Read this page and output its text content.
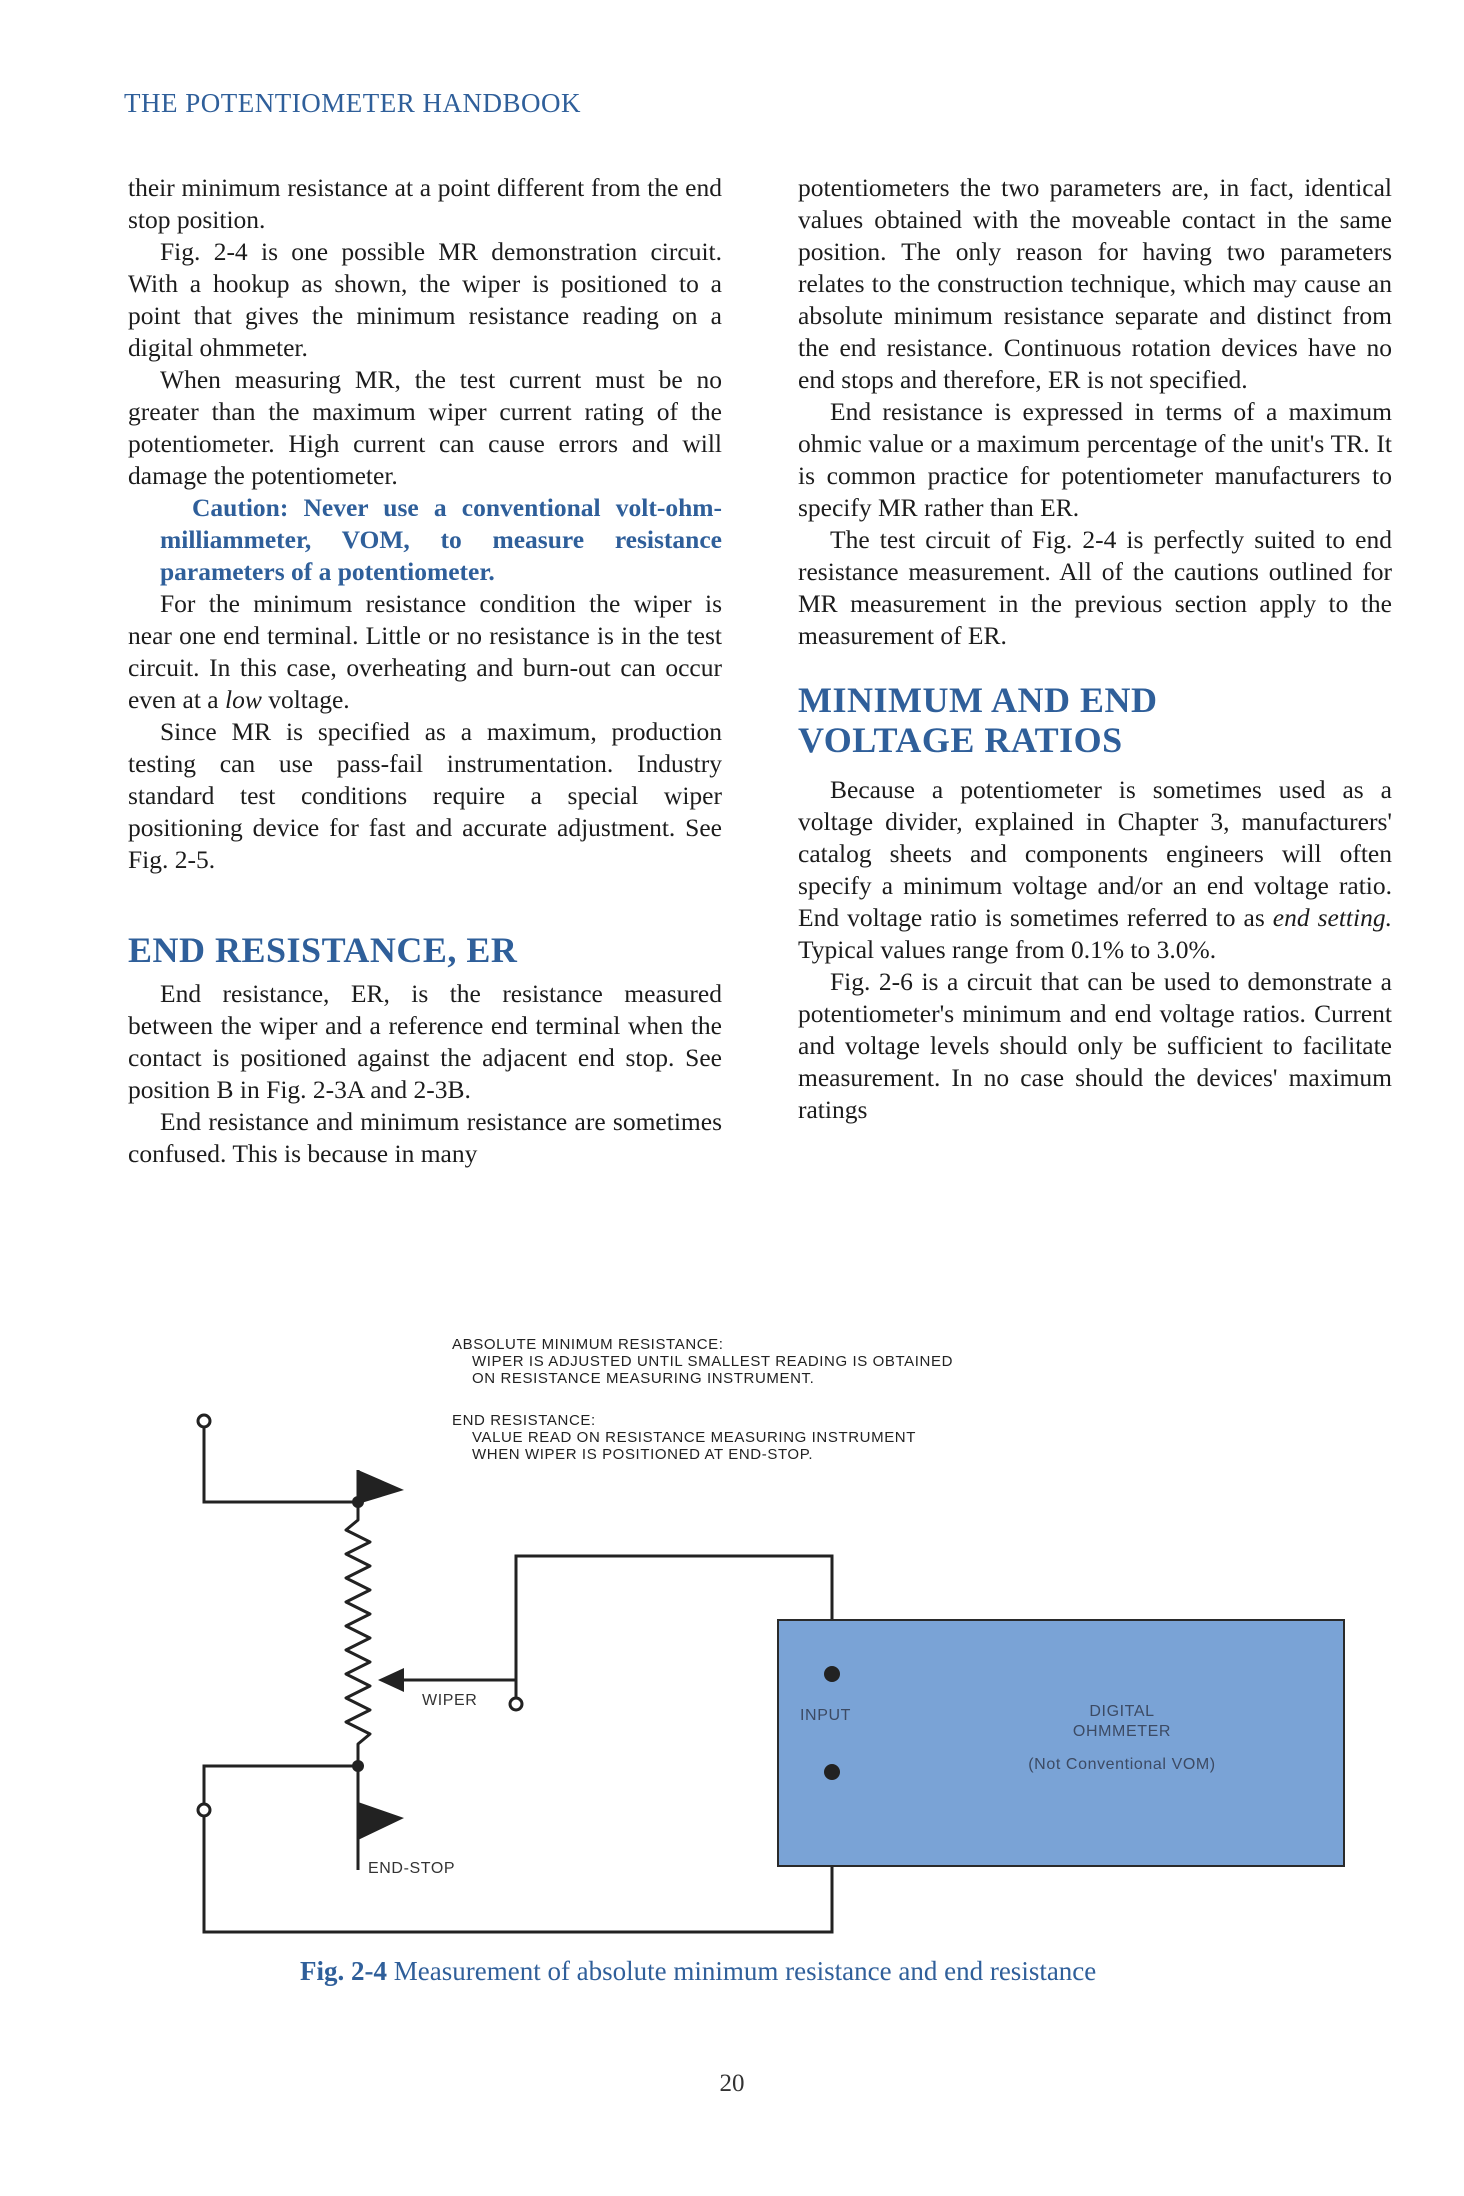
THE POTENTIOMETER HANDBOOK

their minimum resistance at a point different from the end stop position.

Fig. 2-4 is one possible MR demonstration circuit. With a hookup as shown, the wiper is positioned to a point that gives the minimum resistance reading on a digital ohmmeter.

When measuring MR, the test current must be no greater than the maximum wiper current rating of the potentiometer. High current can cause errors and will damage the potentiometer.

Caution: Never use a conventional volt-ohm-milliammeter, VOM, to measure resistance parameters of a potentiometer.

For the minimum resistance condition the wiper is near one end terminal. Little or no resistance is in the test circuit. In this case, overheating and burn-out can occur even at a low voltage.

Since MR is specified as a maximum, production testing can use pass-fail instrumentation. Industry standard test conditions require a special wiper positioning device for fast and accurate adjustment. See Fig. 2-5.

END RESISTANCE, ER

End resistance, ER, is the resistance measured between the wiper and a reference end terminal when the contact is positioned against the adjacent end stop. See position B in Fig. 2-3A and 2-3B.

End resistance and minimum resistance are sometimes confused. This is because in many

potentiometers the two parameters are, in fact, identical values obtained with the moveable contact in the same position. The only reason for having two parameters relates to the construction technique, which may cause an absolute minimum resistance separate and distinct from the end resistance. Continuous rotation devices have no end stops and therefore, ER is not specified.

End resistance is expressed in terms of a maximum ohmic value or a maximum percentage of the unit's TR. It is common practice for potentiometer manufacturers to specify MR rather than ER.

The test circuit of Fig. 2-4 is perfectly suited to end resistance measurement. All of the cautions outlined for MR measurement in the previous section apply to the measurement of ER.

MINIMUM AND END
VOLTAGE RATIOS

Because a potentiometer is sometimes used as a voltage divider, explained in Chapter 3, manufacturers' catalog sheets and components engineers will often specify a minimum voltage and/or an end voltage ratio. End voltage ratio is sometimes referred to as end setting. Typical values range from 0.1% to 3.0%.

Fig. 2-6 is a circuit that can be used to demonstrate a potentiometer's minimum and end voltage ratios. Current and voltage levels should only be sufficient to facilitate measurement. In no case should the devices' maximum ratings

ABSOLUTE MINIMUM RESISTANCE:
WIPER IS ADJUSTED UNTIL SMALLEST READING IS OBTAINED
ON RESISTANCE MEASURING INSTRUMENT.
END RESISTANCE:
VALUE READ ON RESISTANCE MEASURING INSTRUMENT
WHEN WIPER IS POSITIONED AT END-STOP.
WIPER
END-STOP
INPUT	DIGITAL
OHMMETER
(Not Conventional VOM)
Fig. 2-4 Measurement of absolute minimum resistance and end resistance
20
